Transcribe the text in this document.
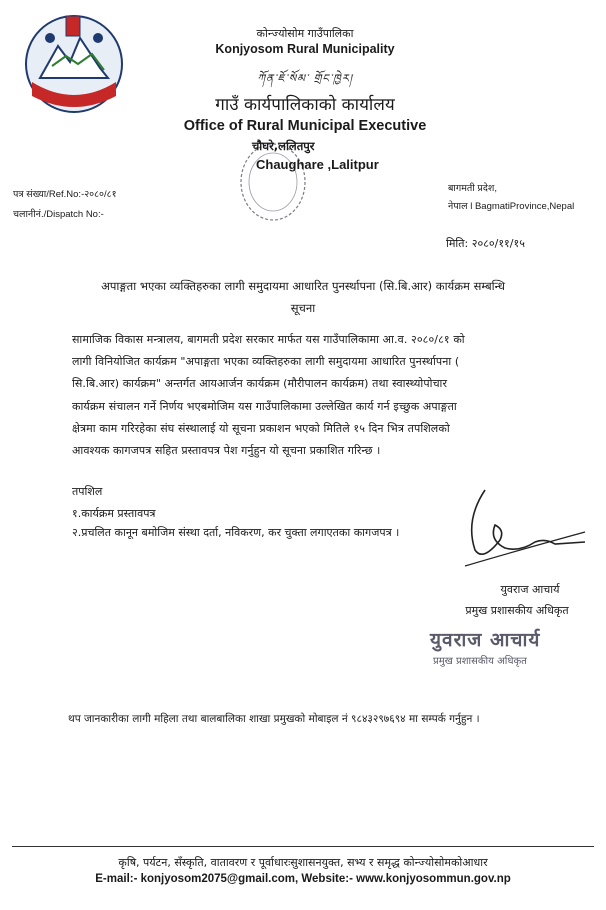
कोन्ज्योसोम गाउँपालिका
Konjyosom Rural Municipality
ཀོན་ཇོ་སོམ་ གྲོང་ཁྱེར།
गाउँ कार्यपालिकाको कार्यालय
Office of Rural Municipal Executive
चौघरे,ललितपुर
Chaughare ,Lalitpur
पत्र संख्या/Ref.No:-२०८०/८१
चलानीनं./Dispatch No:-
बागमती प्रदेश,
नेपाल l BagmatiProvince,Nepal
मिति: २०८०/११/१५
अपाङ्गता भएका व्यक्तिहरुका लागी समुदायमा आधारित पुनर्स्थापना (सि.बि.आर) कार्यक्रम सम्बन्धि
सूचना
सामाजिक विकास मन्त्रालय, बागमती प्रदेश सरकार मार्फत यस गाउँपालिकामा आ.व. २०८०/८१ को
लागी विनियोजित कार्यक्रम "अपाङ्गता भएका व्यक्तिहरुका लागी समुदायमा आधारित पुनर्स्थापना (
सि.बि.आर) कार्यक्रम" अन्तर्गत आयआर्जन कार्यक्रम (मौरीपालन कार्यक्रम) तथा स्वास्थ्योपोचार
कार्यक्रम संचालन गर्ने निर्णय भएबमोजिम यस गाउँपालिकामा उल्लेखित कार्य गर्न इच्छुक अपाङ्गता
क्षेत्रमा काम गरिरहेका संघ संस्थालाई यो सूचना प्रकाशन भएको मितिले १५ दिन भित्र तपशिलको
आवश्यक कागजपत्र सहित प्रस्तावपत्र पेश गर्नुहुन यो सूचना प्रकाशित गरिन्छ ।
तपशिल
१.कार्यक्रम प्रस्तावपत्र
२.प्रचलित कानून बमोजिम संस्था दर्ता, नविकरण, कर चुक्ता लगाएतका कागजपत्र ।
युवराज आचार्य
प्रमुख प्रशासकीय अधिकृत
युवराज आचार्य
प्रमुख प्रशासकीय अधिकृत
थप जानकारीका लागी महिला तथा बालबालिका शाखा प्रमुखको मोबाइल नं ९८४३२९७६९४ मा सम्पर्क गर्नुहुन ।
कृषि, पर्यटन, सँस्कृति, वातावरण र पूर्वाधारःसुशासनयुक्त, सभ्य र समृद्ध कोन्ज्योसोमकोआधार
E-mail:- konjyosom2075@gmail.com, Website:- www.konjyosommun.gov.np
